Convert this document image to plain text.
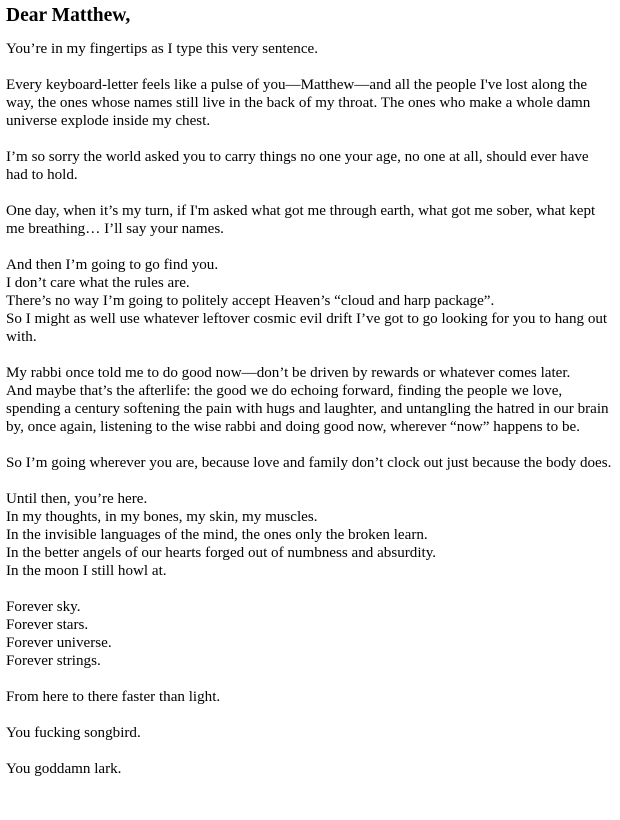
Dear Matthew,

You’re in my fingertips as I type this very sentence.

Every keyboard-letter feels like a pulse of you—Matthew—and all the people I've lost along the way, the ones whose names still live in the back of my throat. The ones who make a whole damn universe explode inside my chest.

I’m so sorry the world asked you to carry things no one your age, no one at all, should ever have had to hold.

One day, when it’s my turn, if I'm asked what got me through earth, what got me sober, what kept me breathing… I’ll say your names.

And then I’m going to go find you.
I don’t care what the rules are.
There’s no way I’m going to politely accept Heaven’s “cloud and harp package”.
So I might as well use whatever leftover cosmic evil drift I’ve got to go looking for you to hang out with.

My rabbi once told me to do good now—don’t be driven by rewards or whatever comes later.
And maybe that’s the afterlife: the good we do echoing forward, finding the people we love, spending a century softening the pain with hugs and laughter, and untangling the hatred in our brain by, once again, listening to the wise rabbi and doing good now, wherever “now” happens to be.

So I’m going wherever you are, because love and family don’t clock out just because the body does.

Until then, you’re here.
In my thoughts, in my bones, my skin, my muscles.
In the invisible languages of the mind, the ones only the broken learn.
In the better angels of our hearts forged out of numbness and absurdity.
In the moon I still howl at.

Forever sky.
Forever stars.
Forever universe.
Forever strings.

From here to there faster than light.

You fucking songbird.

You goddamn lark.
